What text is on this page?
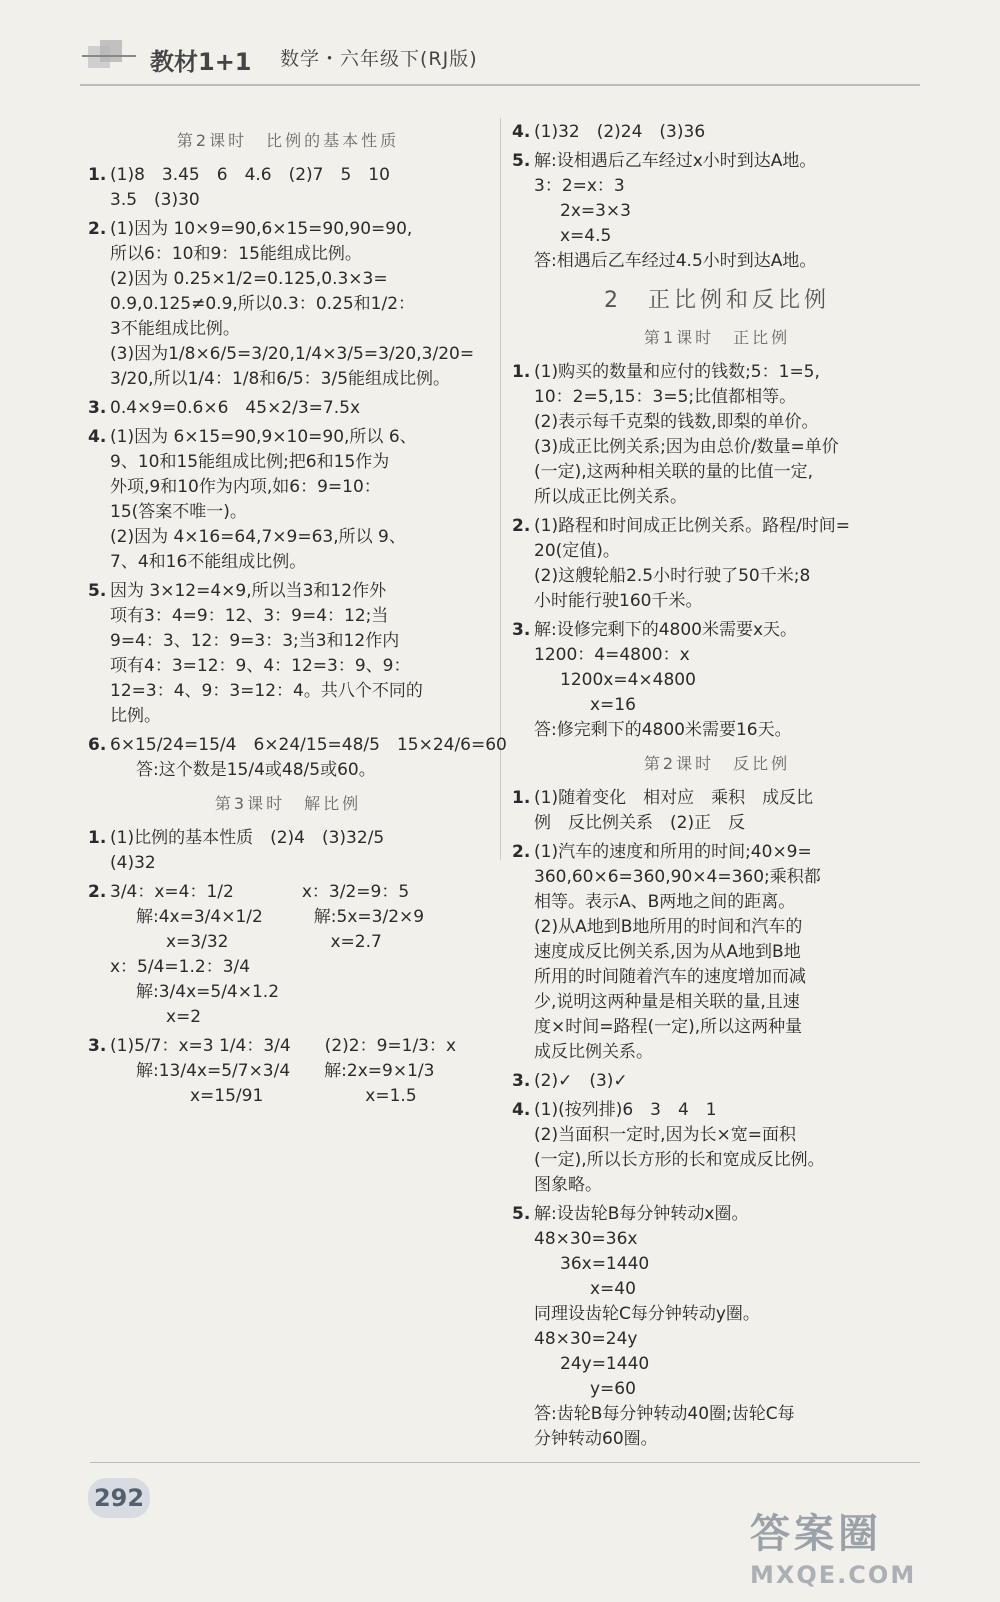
教材1+1 数学・六年级下(RJ版)
第2课时　比例的基本性质
1. (1)8　3.45　6　4.6　(2)7　5　10
3.5　(3)30
2. (1)因为 10×9=90,6×15=90,90=90,
所以6：10和9：15能组成比例。
(2)因为 0.25×1/2=0.125,0.3×3=
0.9,0.125≠0.9,所以0.3：0.25和1/2：
3不能组成比例。
(3)因为1/8×6/5=3/20,1/4×3/5=3/20,3/20=
3/20,所以1/4：1/8和6/5：3/5能组成比例。
3. 0.4×9=0.6×6　45×2/3=7.5x
4. (1)因为 6×15=90,9×10=90,所以 6、
9、10和15能组成比例;把6和15作为
外项,9和10作为内项,如6：9=10：
15(答案不唯一)。
(2)因为 4×16=64,7×9=63,所以 9、
7、4和16不能组成比例。
5. 因为 3×12=4×9,所以当3和12作外
项有3：4=9：12、3：9=4：12;当
9=4：3、12：9=3：3;当3和12作内
项有4：3=12：9、4：12=3：9、9：
12=3：4、9：3=12：4。共八个不同的
比例。
6. 6×15/24=15/4　6×24/15=48/5　15×24/6=60
答:这个数是15/4或48/5或60。
第3课时　解比例
1. (1)比例的基本性质　(2)4　(3)32/5
(4)32
2. 3/4：x=4：1/2　　　　x：3/2=9：5
解:4x=3/4×1/2　　　解:5x=3/2×9
x=3/32　　　　　　x=2.7
x：5/4=1.2：3/4
解:3/4x=5/4×1.2
x=2
3. (1)5/7：x=3 1/4：3/4　　(2)2：9=1/3：x
解:13/4x=5/7×3/4　　解:2x=9×1/3
x=15/91　　　　　　x=1.5
4. (1)32　(2)24　(3)36
5. 解:设相遇后乙车经过x小时到达A地。
3：2=x：3
2x=3×3
x=4.5
答:相遇后乙车经过4.5小时到达A地。
2　正比例和反比例
第1课时　正比例
1. (1)购买的数量和应付的钱数;5：1=5,
10：2=5,15：3=5;比值都相等。
(2)表示每千克梨的钱数,即梨的单价。
(3)成正比例关系;因为由总价/数量=单价
(一定),这两种相关联的量的比值一定,
所以成正比例关系。
2. (1)路程和时间成正比例关系。路程/时间=
20(定值)。
(2)这艘轮船2.5小时行驶了50千米;8
小时能行驶160千米。
3. 解:设修完剩下的4800米需要x天。
1200：4=4800：x
1200x=4×4800
x=16
答:修完剩下的4800米需要16天。
第2课时　反比例
1. (1)随着变化　相对应　乘积　成反比
例　反比例关系　(2)正　反
2. (1)汽车的速度和所用的时间;40×9=
360,60×6=360,90×4=360;乘积都
相等。表示A、B两地之间的距离。
(2)从A地到B地所用的时间和汽车的
速度成反比例关系,因为从A地到B地
所用的时间随着汽车的速度增加而减
少,说明这两种量是相关联的量,且速
度×时间=路程(一定),所以这两种量
成反比例关系。
3. (2)✓　(3)✓
4. (1)(按列排)6　3　4　1
(2)当面积一定时,因为长×宽=面积
(一定),所以长方形的长和宽成反比例。
图象略。
5. 解:设齿轮B每分钟转动x圈。
48×30=36x
36x=1440
x=40
同理设齿轮C每分钟转动y圈。
48×30=24y
24y=1440
y=60
答:齿轮B每分钟转动40圈;齿轮C每
分钟转动60圈。
292
答案圈
MXQE.COM
